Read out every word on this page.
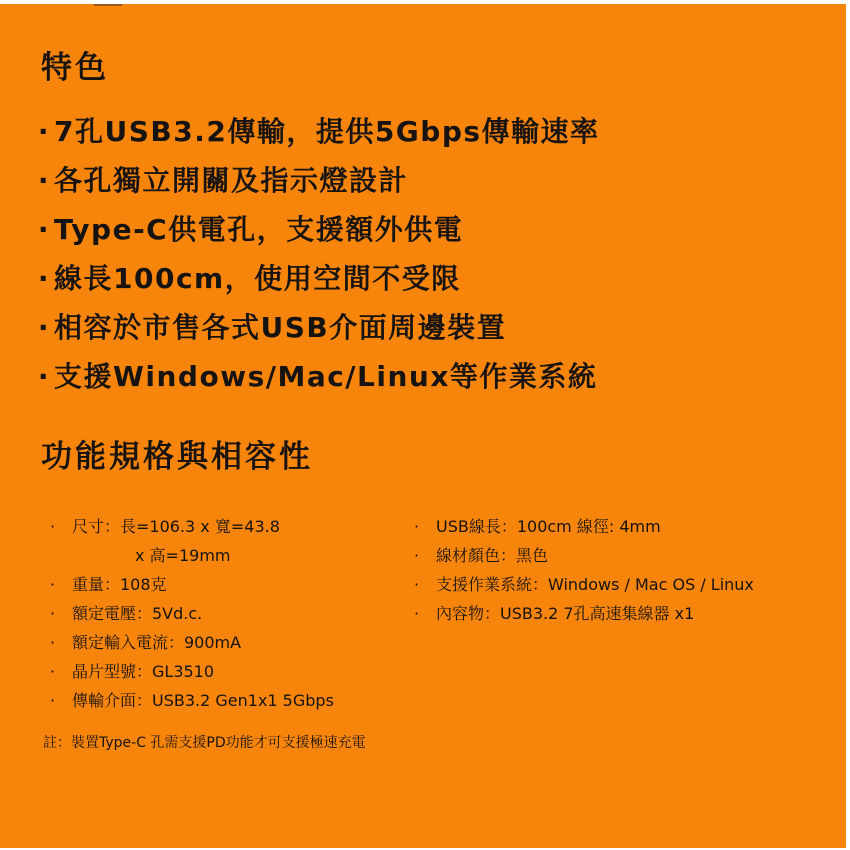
特色
· 7孔USB3.2傳輸，提供5Gbps傳輸速率
· 各孔獨立開關及指示燈設計
· Type-C供電孔，支援額外供電
· 線長100cm，使用空間不受限
· 相容於市售各式USB介面周邊裝置
· 支援Windows/Mac/Linux等作業系統
功能規格與相容性
· 尺寸：長=106.3 x 寬=43.8
x 高=19mm
· 重量：108克
· 額定電壓：5Vd.c.
· 額定輸入電流：900mA
· 晶片型號：GL3510
· 傳輸介面：USB3.2 Gen1x1 5Gbps
· USB線長：100cm 線徑: 4mm
· 線材顏色：黑色
· 支援作業系統：Windows / Mac OS / Linux
· 內容物：USB3.2 7孔高速集線器 x1

註：裝置Type-C 孔需支援PD功能才可支援極速充電
